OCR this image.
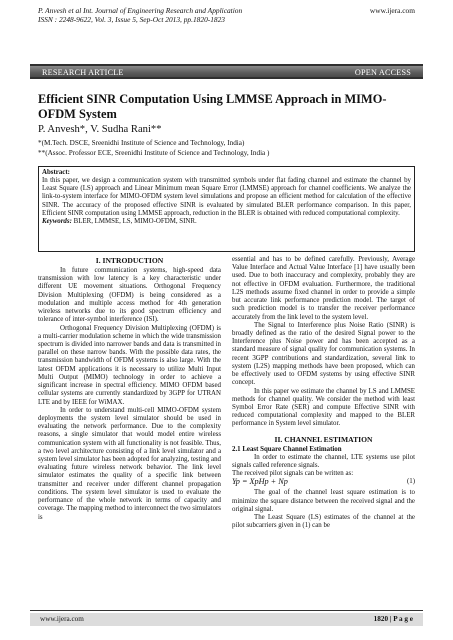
P. Anvesh et al Int. Journal of Engineering Research and Application
ISSN : 2248-9622, Vol. 3, Issue 5, Sep-Oct 2013, pp.1820-1823
www.ijera.com
RESEARCH ARTICLE	OPEN ACCESS
Efficient SINR Computation Using LMMSE Approach in MIMO-OFDM System
P. Anvesh*, V. Sudha Rani**
*(M.Tech. DSCE, Sreenidhi Institute of Science and Technology, India)
**(Assoc. Professor ECE, Sreenidhi Institute of Science and Technology, India )
Abstract:

In this paper, we design a communication system with transmitted symbols under flat fading channel and estimate the channel by Least Square (LS) approach and Linear Minimum mean Square Error (LMMSE) approach for channel coefficients. We analyze the link-to-system interface for MIMO-OFDM system level simulations and propose an efficient method for calculation of the effective SINR. The accuracy of the proposed effective SINR is evaluated by simulated BLER performance comparison. In this paper, Efficient SINR computation using LMMSE approach, reduction in the BLER is obtained with reduced computational complexity.

Keywords: BLER, LMMSE, LS, MIMO-OFDM, SINR.
I. INTRODUCTION

In future communication systems, high-speed data transmission with low latency is a key characteristic under different UE movement situations. Orthogonal Frequency Division Multiplexing (OFDM) is being considered as a modulation and multiple access method for 4th generation wireless networks due to its good spectrum efficiency and tolerance of inter-symbol interference (ISI).

Orthogonal Frequency Division Multiplexing (OFDM) is a multi-carrier modulation scheme in which the wide transmission spectrum is divided into narrower bands and data is transmitted in parallel on these narrow bands. With the possible data rates, the transmission bandwidth of OFDM systems is also large. With the latest OFDM applications it is necessary to utilize Multi Input Multi Output (MIMO) technology in order to achieve a significant increase in spectral efficiency. MIMO OFDM based cellular systems are currently standardized by 3GPP for UTRAN LTE and by IEEE for WiMAX.

In order to understand multi-cell MIMO-OFDM system deployments the system level simulator should be used in evaluating the network performance. Due to the complexity reasons, a single simulator that would model entire wireless communication system with all functionality is not feasible. Thus, a two level architecture consisting of a link level simulator and a system level simulator has been adopted for analyzing, testing and evaluating future wireless network behavior. The link level simulator estimates the quality of a specific link between transmitter and receiver under different channel propagation conditions. The system level simulator is used to evaluate the performance of the whole network in terms of capacity and coverage. The mapping method to interconnect the two simulators is

essential and has to be defined carefully. Previously, Average Value Interface and Actual Value Interface [1] have usually been used. Due to both inaccuracy and complexity, probably they are not effective in OFDM evaluation. Furthermore, the traditional L2S methods assume fixed channel in order to provide a simple but accurate link performance prediction model. The target of such prediction model is to transfer the receiver performance accurately from the link level to the system level.

The Signal to Interference plus Noise Ratio (SINR) is broadly defined as the ratio of the desired Signal power to the Interference plus Noise power and has been accepted as a standard measure of signal quality for communication systems. In recent 3GPP contributions and standardization, several link to system (L2S) mapping methods have been proposed, which can be effectively used to OFDM systems by using effective SINR concept.

In this paper we estimate the channel by LS and LMMSE methods for channel quality. We consider the method with least Symbol Error Rate (SER) and compute Effective SINR with reduced computational complexity and mapped to the BLER performance in System level simulator.

II. CHANNEL ESTIMATION
2.1 Least Square Channel Estimation

In order to estimate the channel, LTE systems use pilot signals called reference signals.

The received pilot signals can be written as:

Yp = XpHp + Np	(1)

The goal of the channel least square estimation is to minimize the square distance between the received signal and the original signal.

The Least Square (LS) estimates of the channel at the pilot subcarriers given in (1) can be

www.ijera.com	1820 | P a g e
